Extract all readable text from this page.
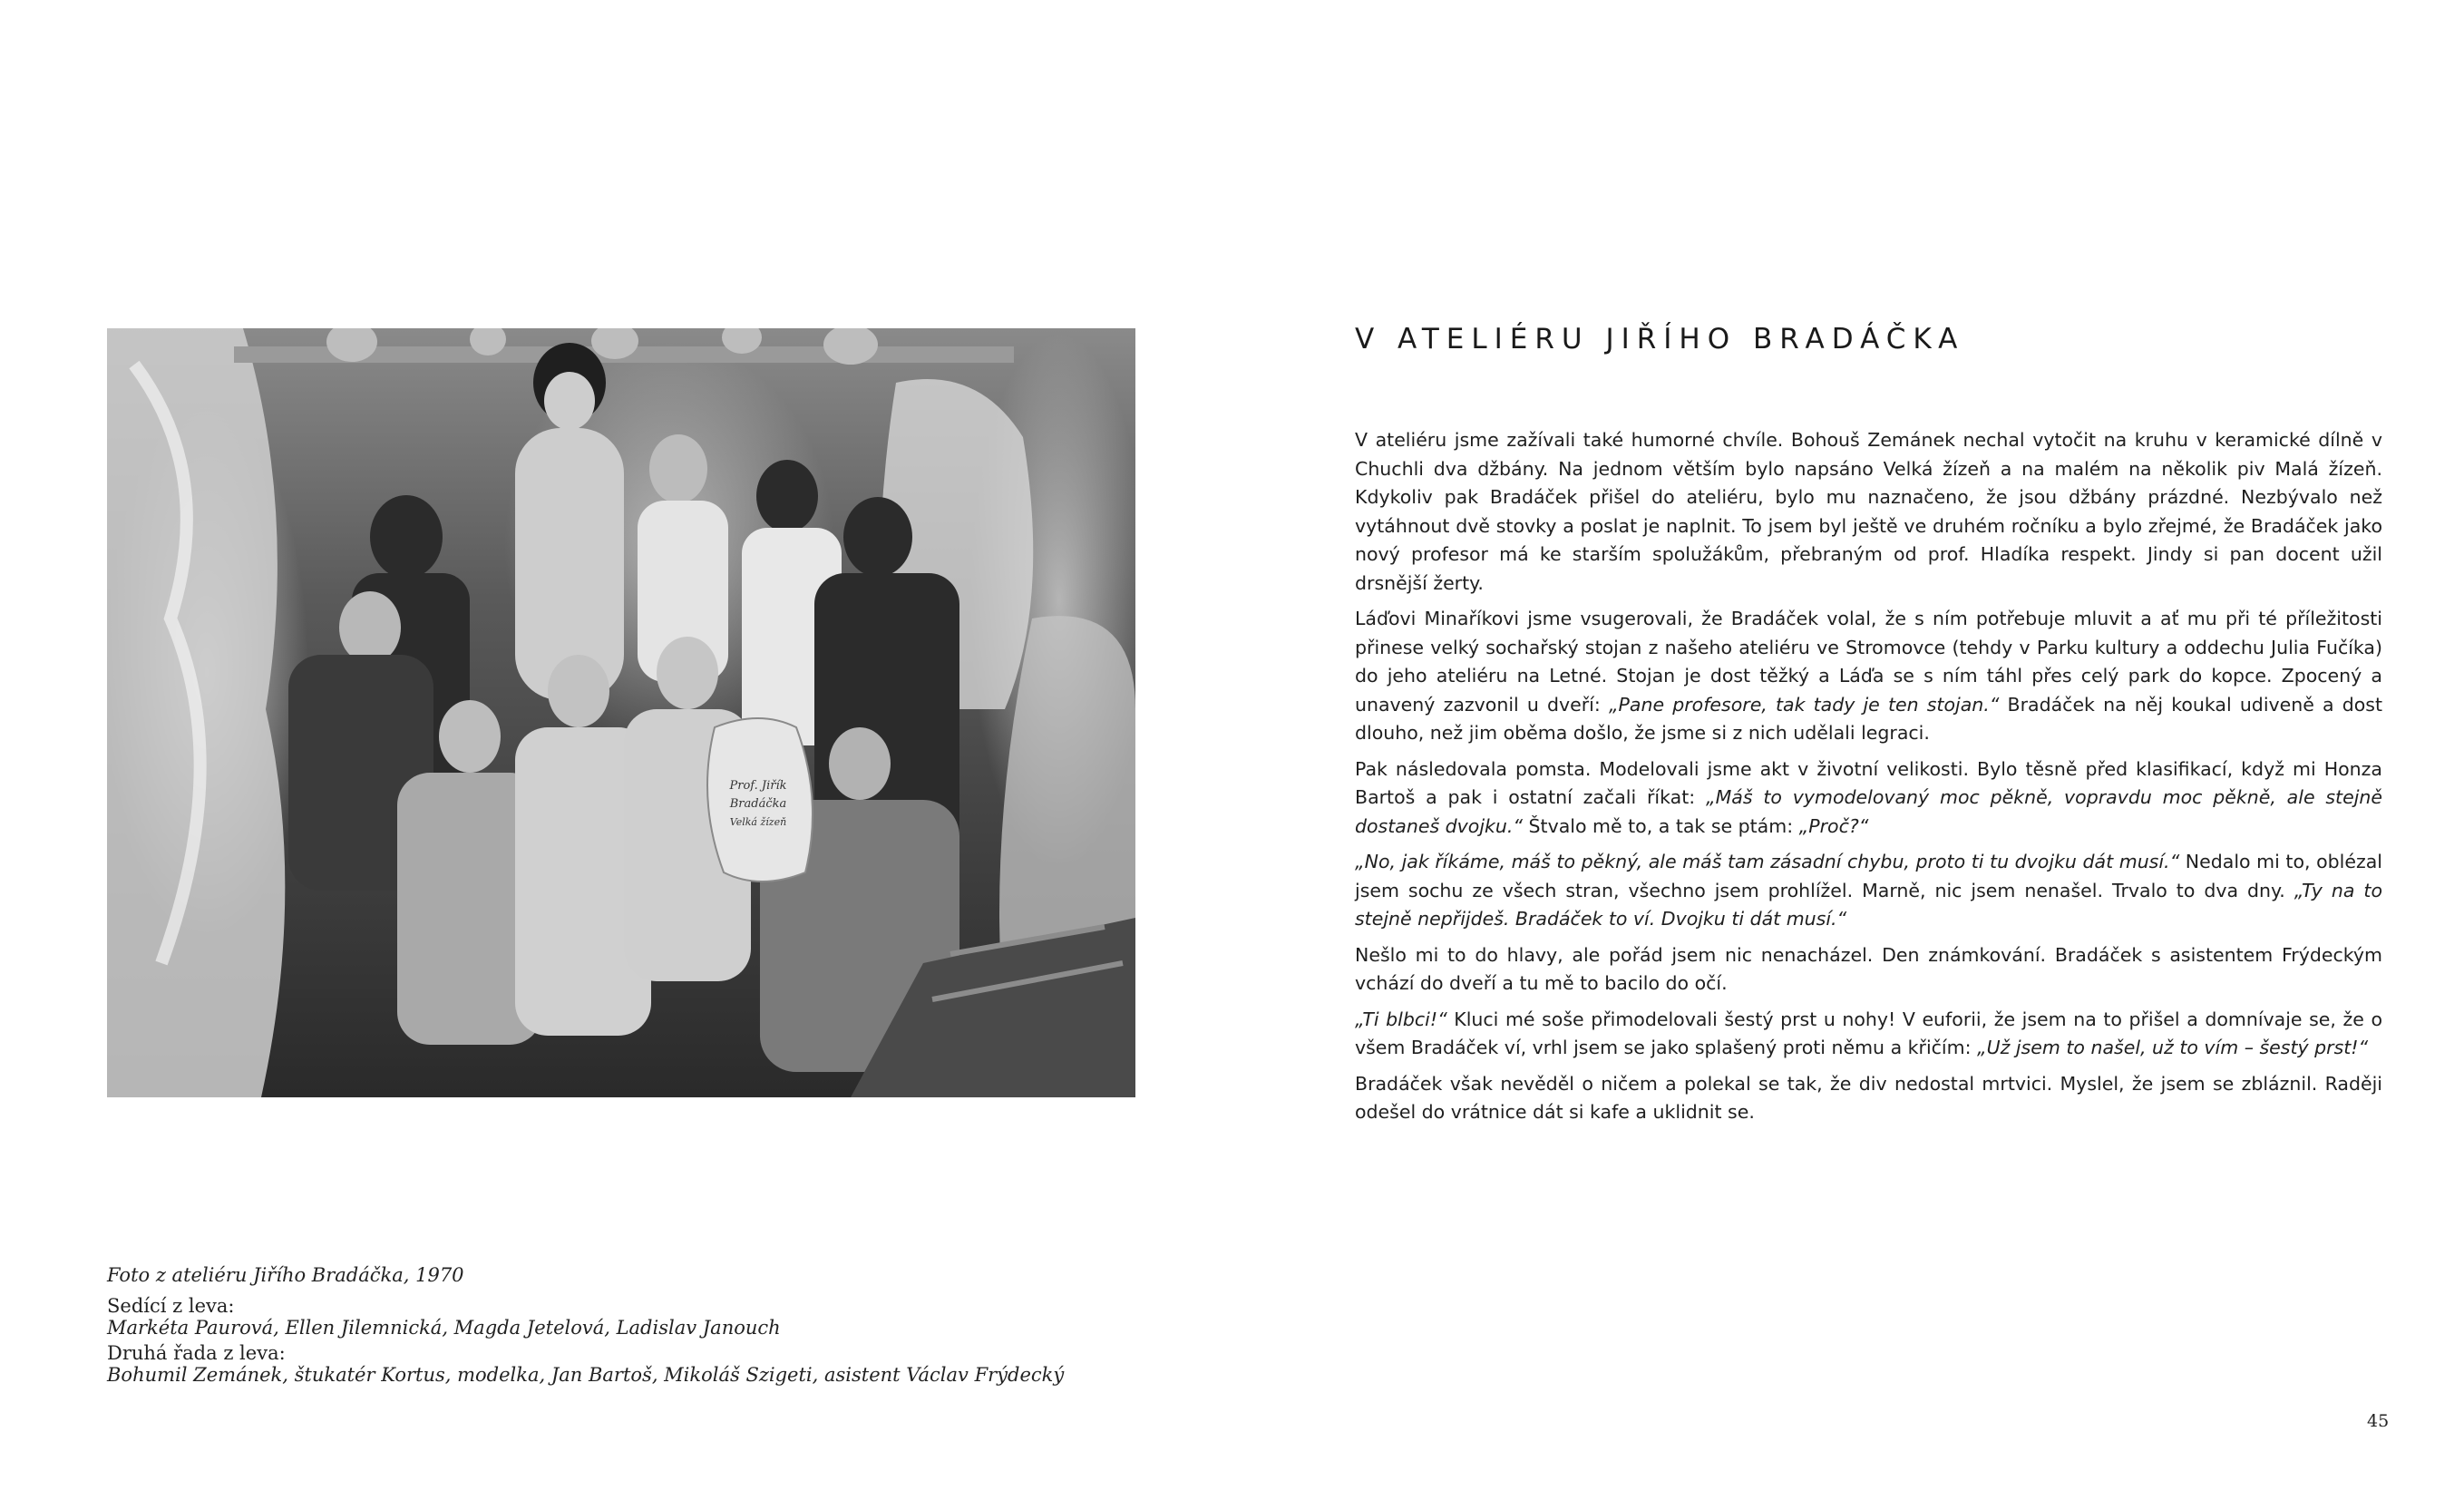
Prof. Jiřík
Bradáčka
Velká žízeň
Foto z ateliéru Jiřího Bradáčka, 1970
Sedící z leva:
Markéta Paurová, Ellen Jilemnická, Magda Jetelová, Ladislav Janouch
Druhá řada z leva:
Bohumil Zemánek, štukatér Kortus, modelka, Jan Bartoš, Mikoláš Szigeti, asistent Václav Frýdecký
V ATELIÉRU JIŘÍHO BRADÁČKA

V ateliéru jsme zažívali také humorné chvíle. Bohouš Zemánek nechal vytočit na kruhu v keramické dílně v Chuchli dva džbány. Na jednom větším bylo napsáno Velká žízeň a na malém na několik piv Malá žízeň. Kdykoliv pak Bradáček přišel do ateliéru, bylo mu naznačeno, že jsou džbány prázdné. Nezbývalo než vytáhnout dvě stovky a poslat je naplnit. To jsem byl ještě ve druhém ročníku a bylo zřejmé, že Bradáček jako nový profesor má ke starším spolužákům, přebraným od prof. Hladíka respekt. Jindy si pan docent užil drsnější žerty.

Láďovi Minaříkovi jsme vsugerovali, že Bradáček volal, že s ním potřebuje mluvit a ať mu při té příležitosti přinese velký sochařský stojan z našeho ateliéru ve Stromovce (tehdy v Parku kultury a oddechu Julia Fučíka) do jeho ateliéru na Letné. Stojan je dost těžký a Láďa se s ním táhl přes celý park do kopce. Zpocený a unavený zazvonil u dveří: „Pane profesore, tak tady je ten stojan.“ Bradáček na něj koukal udiveně a dost dlouho, než jim oběma došlo, že jsme si z nich udělali legraci.

Pak následovala pomsta. Modelovali jsme akt v životní velikosti. Bylo těsně před klasifikací, když mi Honza Bartoš a pak i ostatní začali říkat: „Máš to vymodelovaný moc pěkně, vopravdu moc pěkně, ale stejně dostaneš dvojku.“ Štvalo mě to, a tak se ptám: „Proč?“

„No, jak říkáme, máš to pěkný, ale máš tam zásadní chybu, proto ti tu dvojku dát musí.“ Nedalo mi to, oblézal jsem sochu ze všech stran, všechno jsem prohlížel. Marně, nic jsem nenašel. Trvalo to dva dny. „Ty na to stejně nepřijdeš. Bradáček to ví. Dvojku ti dát musí.“

Nešlo mi to do hlavy, ale pořád jsem nic nenacházel. Den známkování. Bradáček s asistentem Frýdeckým vchází do dveří a tu mě to bacilo do očí.

„Ti blbci!“ Kluci mé soše přimodelovali šestý prst u nohy! V euforii, že jsem na to přišel a domnívaje se, že o všem Bradáček ví, vrhl jsem se jako splašený proti němu a křičím: „Už jsem to našel, už to vím – šestý prst!“

Bradáček však nevěděl o ničem a polekal se tak, že div nedostal mrtvici. Myslel, že jsem se zbláznil. Raději odešel do vrátnice dát si kafe a uklidnit se.

45
